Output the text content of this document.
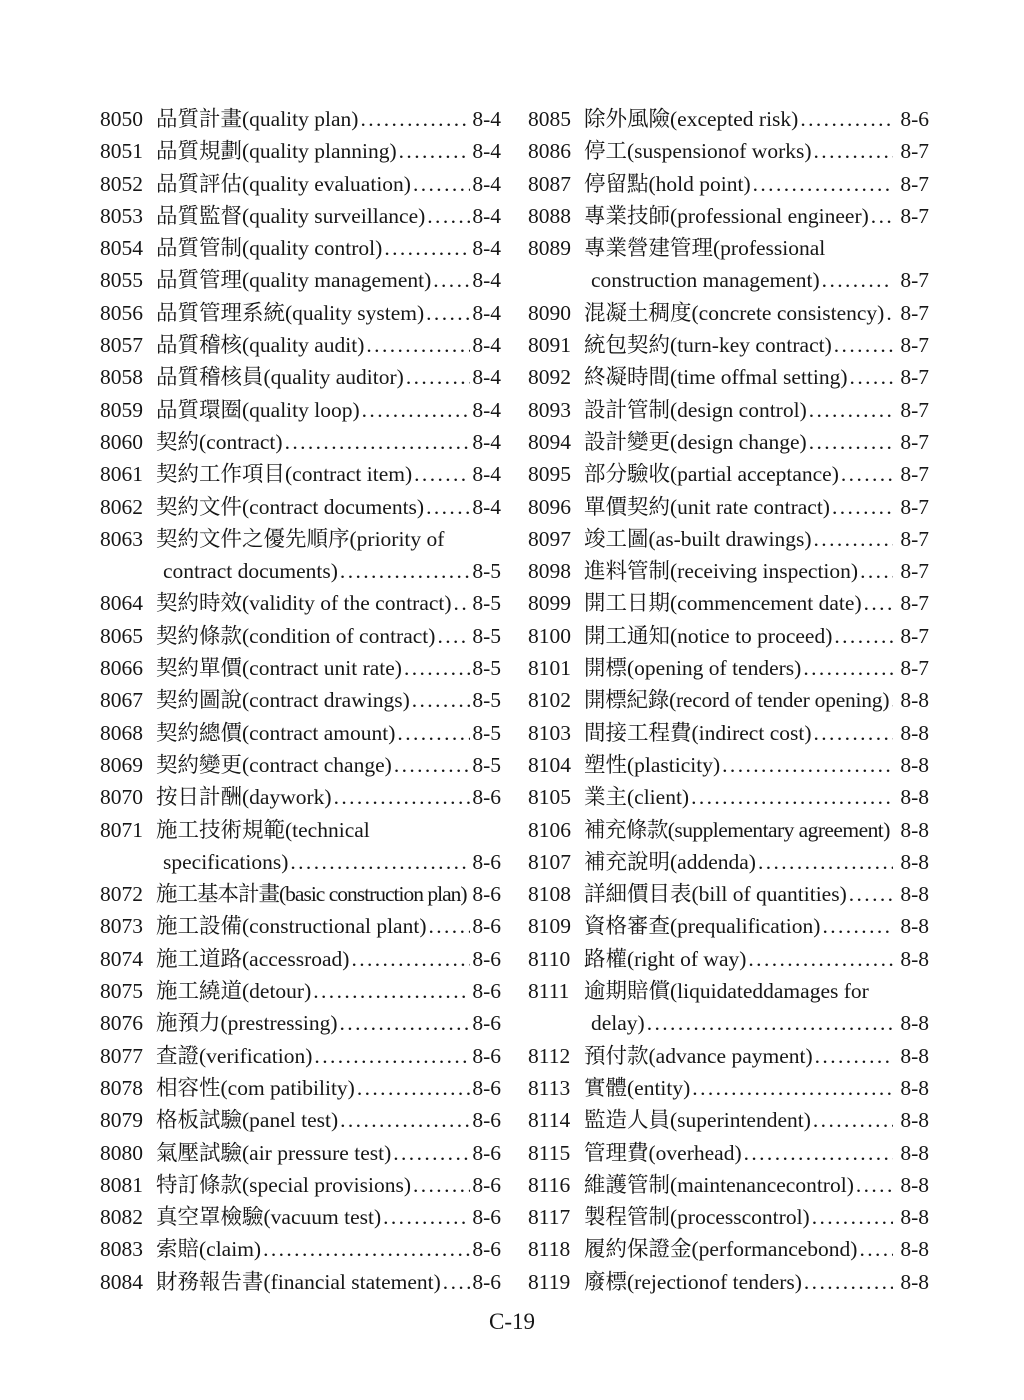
8050 品質計畫(quality plan) .....	8-4
8051 品質規劃(quality planning) .....	8-4
8052 品質評估(quality evaluation) .....	8-4
8053 品質監督(quality surveillance) ..... 8-4
8054 品質管制(quality control) .....	8-4
8055 品質管理(quality management) ..... 8-4
8056 品質管理系統(quality system) ..... 8-4
8057 品質稽核(quality audit) .....	8-4
8058 品質稽核員(quality auditor) .....	8-4
8059 品質環圈(quality loop) .....	8-4
8060 契約(contract) .....	8-4
8061 契約工作項目(contract item) .....	8-4
8062 契約文件(contract documents) ..... 8-4
8063 契約文件之優先順序(priority of
contract documents) .....	8-5
8064 契約時效(validity of the contract) ..... 8-5
8065 契約條款(condition of contract) ..... 8-5
8066 契約單價(contract unit rate) .....	8-5
8067 契約圖說(contract drawings) .....	8-5
8068 契約總價(contract amount) .....	8-5
8069 契約變更(contract change) .....	8-5
8070 按日計酬(daywork) .....	8-6
8071 施工技術規範(technical
specifications) .....	8-6
8072 施工基本計畫(basic construction plan) ..... 8-6
8073 施工設備(constructional plant) ..... 8-6
8074 施工道路(accessroad) .....	8-6
8075 施工繞道(detour) .....	8-6
8076 施預力(prestressing) .....	8-6
8077 查證(verification) .....	8-6
8078 相容性(com patibility) .....	8-6
8079 格板試驗(panel test) .....	8-6
8080 氣壓試驗(air pressure test) .....	8-6
8081 特訂條款(special provisions) .....	8-6
8082 真空罩檢驗(vacuum test) .....	8-6
8083 索賠(claim) .....	8-6
8084 財務報告書(financial statement) ..... 8-6
8085 除外風險(excepted risk) .....	8-6
8086 停工(suspensionof works) .....	8-7
8087 停留點(hold point) .....	8-7
8088 專業技師(professional engineer) .....	8-7
8089 專業營建管理(professional
construction management) .....	8-7
8090 混凝土稠度(concrete consistency) ..... 8-7
8091 統包契約(turn-key contract) .....	8-7
8092 終凝時間(time offmal setting) .....	8-7
8093 設計管制(design control) .....	8-7
8094 設計變更(design change) .....	8-7
8095 部分驗收(partial acceptance) .....	8-7
8096 單價契約(unit rate contract) .....	8-7
8097 竣工圖(as-built drawings) .....	8-7
8098 進料管制(receiving inspection) .....	8-7
8099 開工日期(commencement date) .....	8-7
8100 開工通知(notice to proceed) .....	8-7
8101 開標(opening of tenders) .....	8-7
8102 開標紀錄(record of tender opening) ..... 8-8
8103 間接工程費(indirect cost) .....	8-8
8104 塑性(plasticity) .....	8-8
8105 業主(client) .....	8-8
8106 補充條款(supplementary agreement) ..... 8-8
8107 補充說明(addenda) .....	8-8
8108 詳細價目表(bill of quantities) .....	8-8
8109 資格審查(prequalification) .....	8-8
8110 路權(right of way) .....	8-8
8111 逾期賠償(liquidateddamages for
delay) .....	8-8
8112 預付款(advance payment) .....	8-8
8113 實體(entity) .....	8-8
8114 監造人員(superintendent) .....	8-8
8115 管理費(overhead) .....	8-8
8116 維護管制(maintenancecontrol) .....	8-8
8117 製程管制(processcontrol) .....	8-8
8118 履約保證金(performancebond) .....	8-8
8119 廢標(rejectionof tenders) .....	8-8
C-19
